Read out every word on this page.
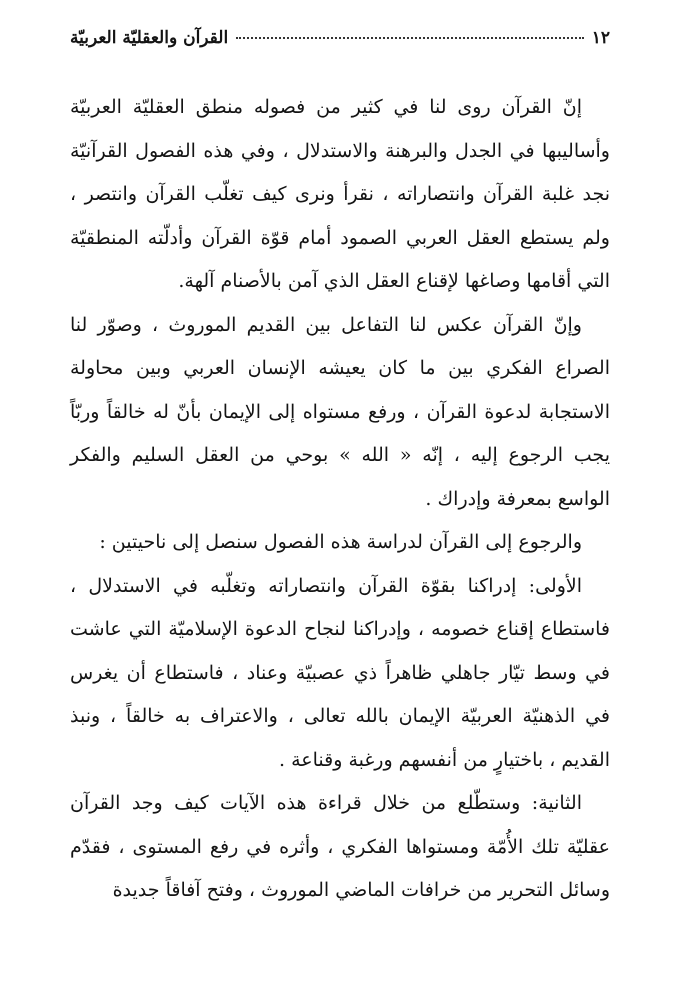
١٢
القرآن والعقليّة العربيّة

إنّ القرآن روى لنا في كثير من فصوله منطق العقليّة العربيّة وأساليبها في الجدل والبرهنة والاستدلال ، وفي هذه الفصول القرآنيّة نجد غلبة القرآن وانتصاراته ، نقرأ ونرى كيف تغلّب القرآن وانتصر ، ولم يستطع العقل العربي الصمود أمام قوّة القرآن وأدلّته المنطقيّة التي أقامها وصاغها لإقناع العقل الذي آمن بالأصنام آلهة.

وإنّ القرآن عكس لنا التفاعل بين القديم الموروث ، وصوّر لنا الصراع الفكري بين ما كان يعيشه الإنسان العربي وبين محاولة الاستجابة لدعوة القرآن ، ورفع مستواه إلى الإيمان بأنّ له خالقاً وربّاً يجب الرجوع إليه ، إنّه « الله » بوحي من العقل السليم والفكر الواسع بمعرفة وإدراك .

والرجوع إلى القرآن لدراسة هذه الفصول سنصل إلى ناحيتين :

الأولى: إدراكنا بقوّة القرآن وانتصاراته وتغلّبه في الاستدلال ، فاستطاع إقناع خصومه ، وإدراكنا لنجاح الدعوة الإسلاميّة التي عاشت في وسط تيّار جاهلي ظاهراً ذي عصبيّة وعناد ، فاستطاع أن يغرس في الذهنيّة العربيّة الإيمان بالله تعالى ، والاعتراف به خالقاً ، ونبذ القديم ، باختيارٍ من أنفسهم ورغبة وقناعة .

الثانية: وستطّلع من خلال قراءة هذه الآيات كيف وجد القرآن عقليّة تلك الأُمّة ومستواها الفكري ، وأثره في رفع المستوى ، فقدّم وسائل التحرير من خرافات الماضي الموروث ، وفتح آفاقاً جديدة
